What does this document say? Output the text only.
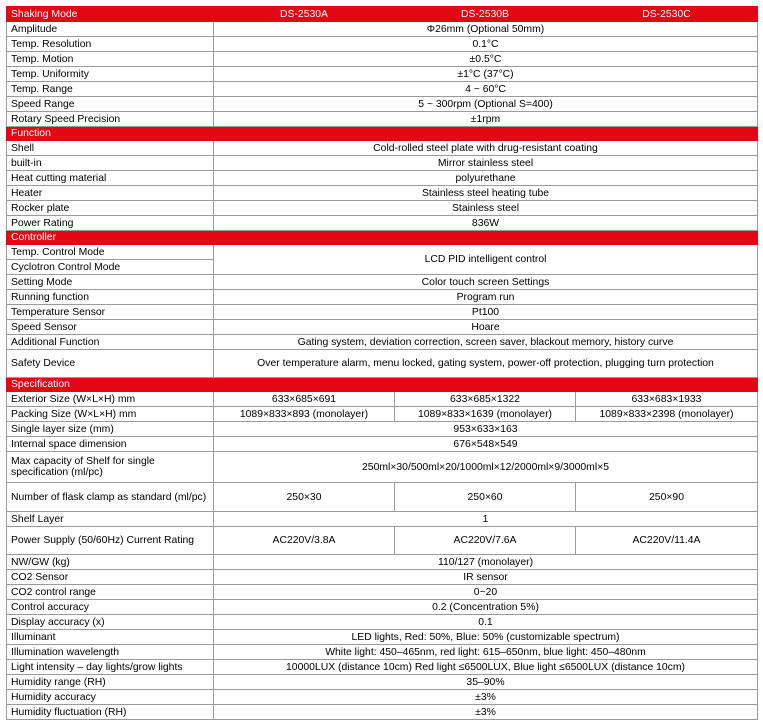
Shaking Mode	DS-2530A	DS-2530B	DS-2530C
Amplitude	Φ26mm (Optional 50mm)		
Temp. Resolution	0.1°C		
Temp. Motion	±0.5°C		
Temp. Uniformity	±1°C (37°C)		
Temp. Range	4 ~ 60°C		
Speed Range	5 ~ 300rpm (Optional S=400)		
Rotary Speed Precision	±1rpm		
Function			
Shell	Cold-rolled steel plate with drug-resistant coating		
built-in	Mirror stainless steel		
Heat cutting material	polyurethane		
Heater	Stainless steel heating tube		
Rocker plate	Stainless steel		
Power Rating	836W		
Controller			
Temp. Control Mode	LCD PID intelligent control		
Cyclotron Control Mode			
Setting Mode	Color touch screen Settings		
Running function	Program run		
Temperature Sensor	Pt100		
Speed Sensor	Hoare		
Additional Function	Gating system, deviation correction, screen saver, blackout memory, history curve		
Safety Device	Over temperature alarm, menu locked, gating system, power-off protection, plugging turn protection		
Specification			
Exterior Size (W×L×H) mm	633×685×691	633×685×1322	633×683×1933
Packing Size (W×L×H) mm	1089×833×893 (monolayer)	1089×833×1639 (monolayer)	1089×833×2398 (monolayer)
Single layer size (mm)	953×633×163		
Internal space dimension	676×548×549		
Max capacity of Shelf for single specification (ml/pc)	250ml×30/500ml×20/1000ml×12/2000ml×9/3000ml×5		
Number of flask clamp as standard (ml/pc)	250×30	250×60	250×90
Shelf Layer	1		
Power Supply (50/60Hz) Current Rating	AC220V/3.8A	AC220V/7.6A	AC220V/11.4A
NW/GW (kg)	110/127 (monolayer)		
CO2 Sensor	IR sensor		
CO2 control range	0~20		
Control accuracy	0.2 (Concentration 5%)		
Display accuracy (x)	0.1		
Illuminant	LED lights, Red: 50%, Blue: 50% (customizable spectrum)		
Illumination wavelength	White light: 450–465nm, red light: 615–650nm, blue light: 450–480nm		
Light intensity – day lights/grow lights	10000LUX (distance 10cm) Red light ≤6500LUX, Blue light ≤6500LUX (distance 10cm)		
Humidity range (RH)	35–90%		
Humidity accuracy	±3%		
Humidity fluctuation (RH)	±3%		
